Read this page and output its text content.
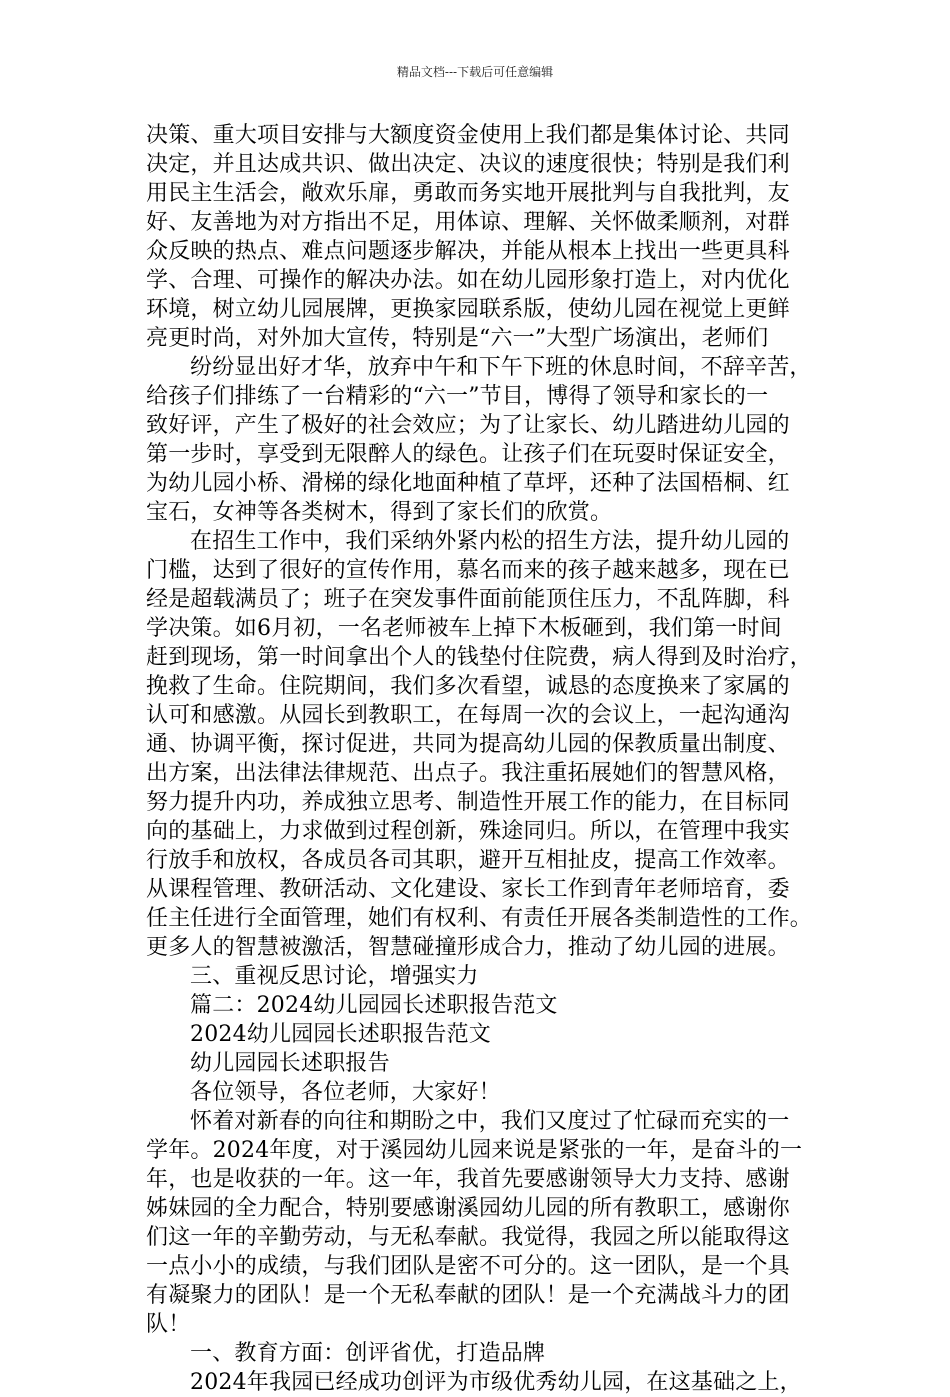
精品文档---下载后可任意编辑
决策、重大项目安排与大额度资金使用上我们都是集体讨论、共同
决定，并且达成共识、做出决定、决议的速度很快；特别是我们利
用民主生活会，敞欢乐扉，勇敢而务实地开展批判与自我批判，友
好、友善地为对方指出不足，用体谅、理解、关怀做柔顺剂，对群
众反映的热点、难点问题逐步解决，并能从根本上找出一些更具科
学、合理、可操作的解决办法。如在幼儿园形象打造上，对内优化
环境，树立幼儿园展牌，更换家园联系版，使幼儿园在视觉上更鲜
亮更时尚，对外加大宣传，特别是“六一”大型广场演出，老师们
纷纷显出好才华，放弃中午和下午下班的休息时间，不辞辛苦，
给孩子们排练了一台精彩的“六一”节目，博得了领导和家长的一
致好评，产生了极好的社会效应；为了让家长、幼儿踏进幼儿园的
第一步时，享受到无限醉人的绿色。让孩子们在玩耍时保证安全，
为幼儿园小桥、滑梯的绿化地面种植了草坪，还种了法国梧桐、红
宝石，女神等各类树木，得到了家长们的欣赏。
在招生工作中，我们采纳外紧内松的招生方法，提升幼儿园的
门槛，达到了很好的宣传作用，慕名而来的孩子越来越多，现在已
经是超载满员了；班子在突发事件面前能顶住压力，不乱阵脚，科
学决策。如6月初，一名老师被车上掉下木板砸到，我们第一时间
赶到现场，第一时间拿出个人的钱垫付住院费，病人得到及时治疗，
挽救了生命。住院期间，我们多次看望，诚恳的态度换来了家属的
认可和感激。从园长到教职工，在每周一次的会议上，一起沟通沟
通、协调平衡，探讨促进，共同为提高幼儿园的保教质量出制度、
出方案，出法律法律规范、出点子。我注重拓展她们的智慧风格，
努力提升内功，养成独立思考、制造性开展工作的能力，在目标同
向的基础上，力求做到过程创新，殊途同归。所以，在管理中我实
行放手和放权，各成员各司其职，避开互相扯皮，提高工作效率。
从课程管理、教研活动、文化建设、家长工作到青年老师培育，委
任主任进行全面管理，她们有权利、有责任开展各类制造性的工作。
更多人的智慧被激活，智慧碰撞形成合力，推动了幼儿园的进展。
三、重视反思讨论，增强实力
篇二：2024幼儿园园长述职报告范文
2024幼儿园园长述职报告范文
幼儿园园长述职报告
各位领导，各位老师，大家好！
怀着对新春的向往和期盼之中，我们又度过了忙碌而充实的一
学年。2024年度，对于溪园幼儿园来说是紧张的一年，是奋斗的一
年，也是收获的一年。这一年，我首先要感谢领导大力支持、感谢
姊妹园的全力配合，特别要感谢溪园幼儿园的所有教职工，感谢你
们这一年的辛勤劳动，与无私奉献。我觉得，我园之所以能取得这
一点小小的成绩，与我们团队是密不可分的。这一团队，是一个具
有凝聚力的团队！是一个无私奉献的团队！是一个充满战斗力的团
队！
一、教育方面：创评省优，打造品牌
2024年我园已经成功创评为市级优秀幼儿园，在这基础之上，
